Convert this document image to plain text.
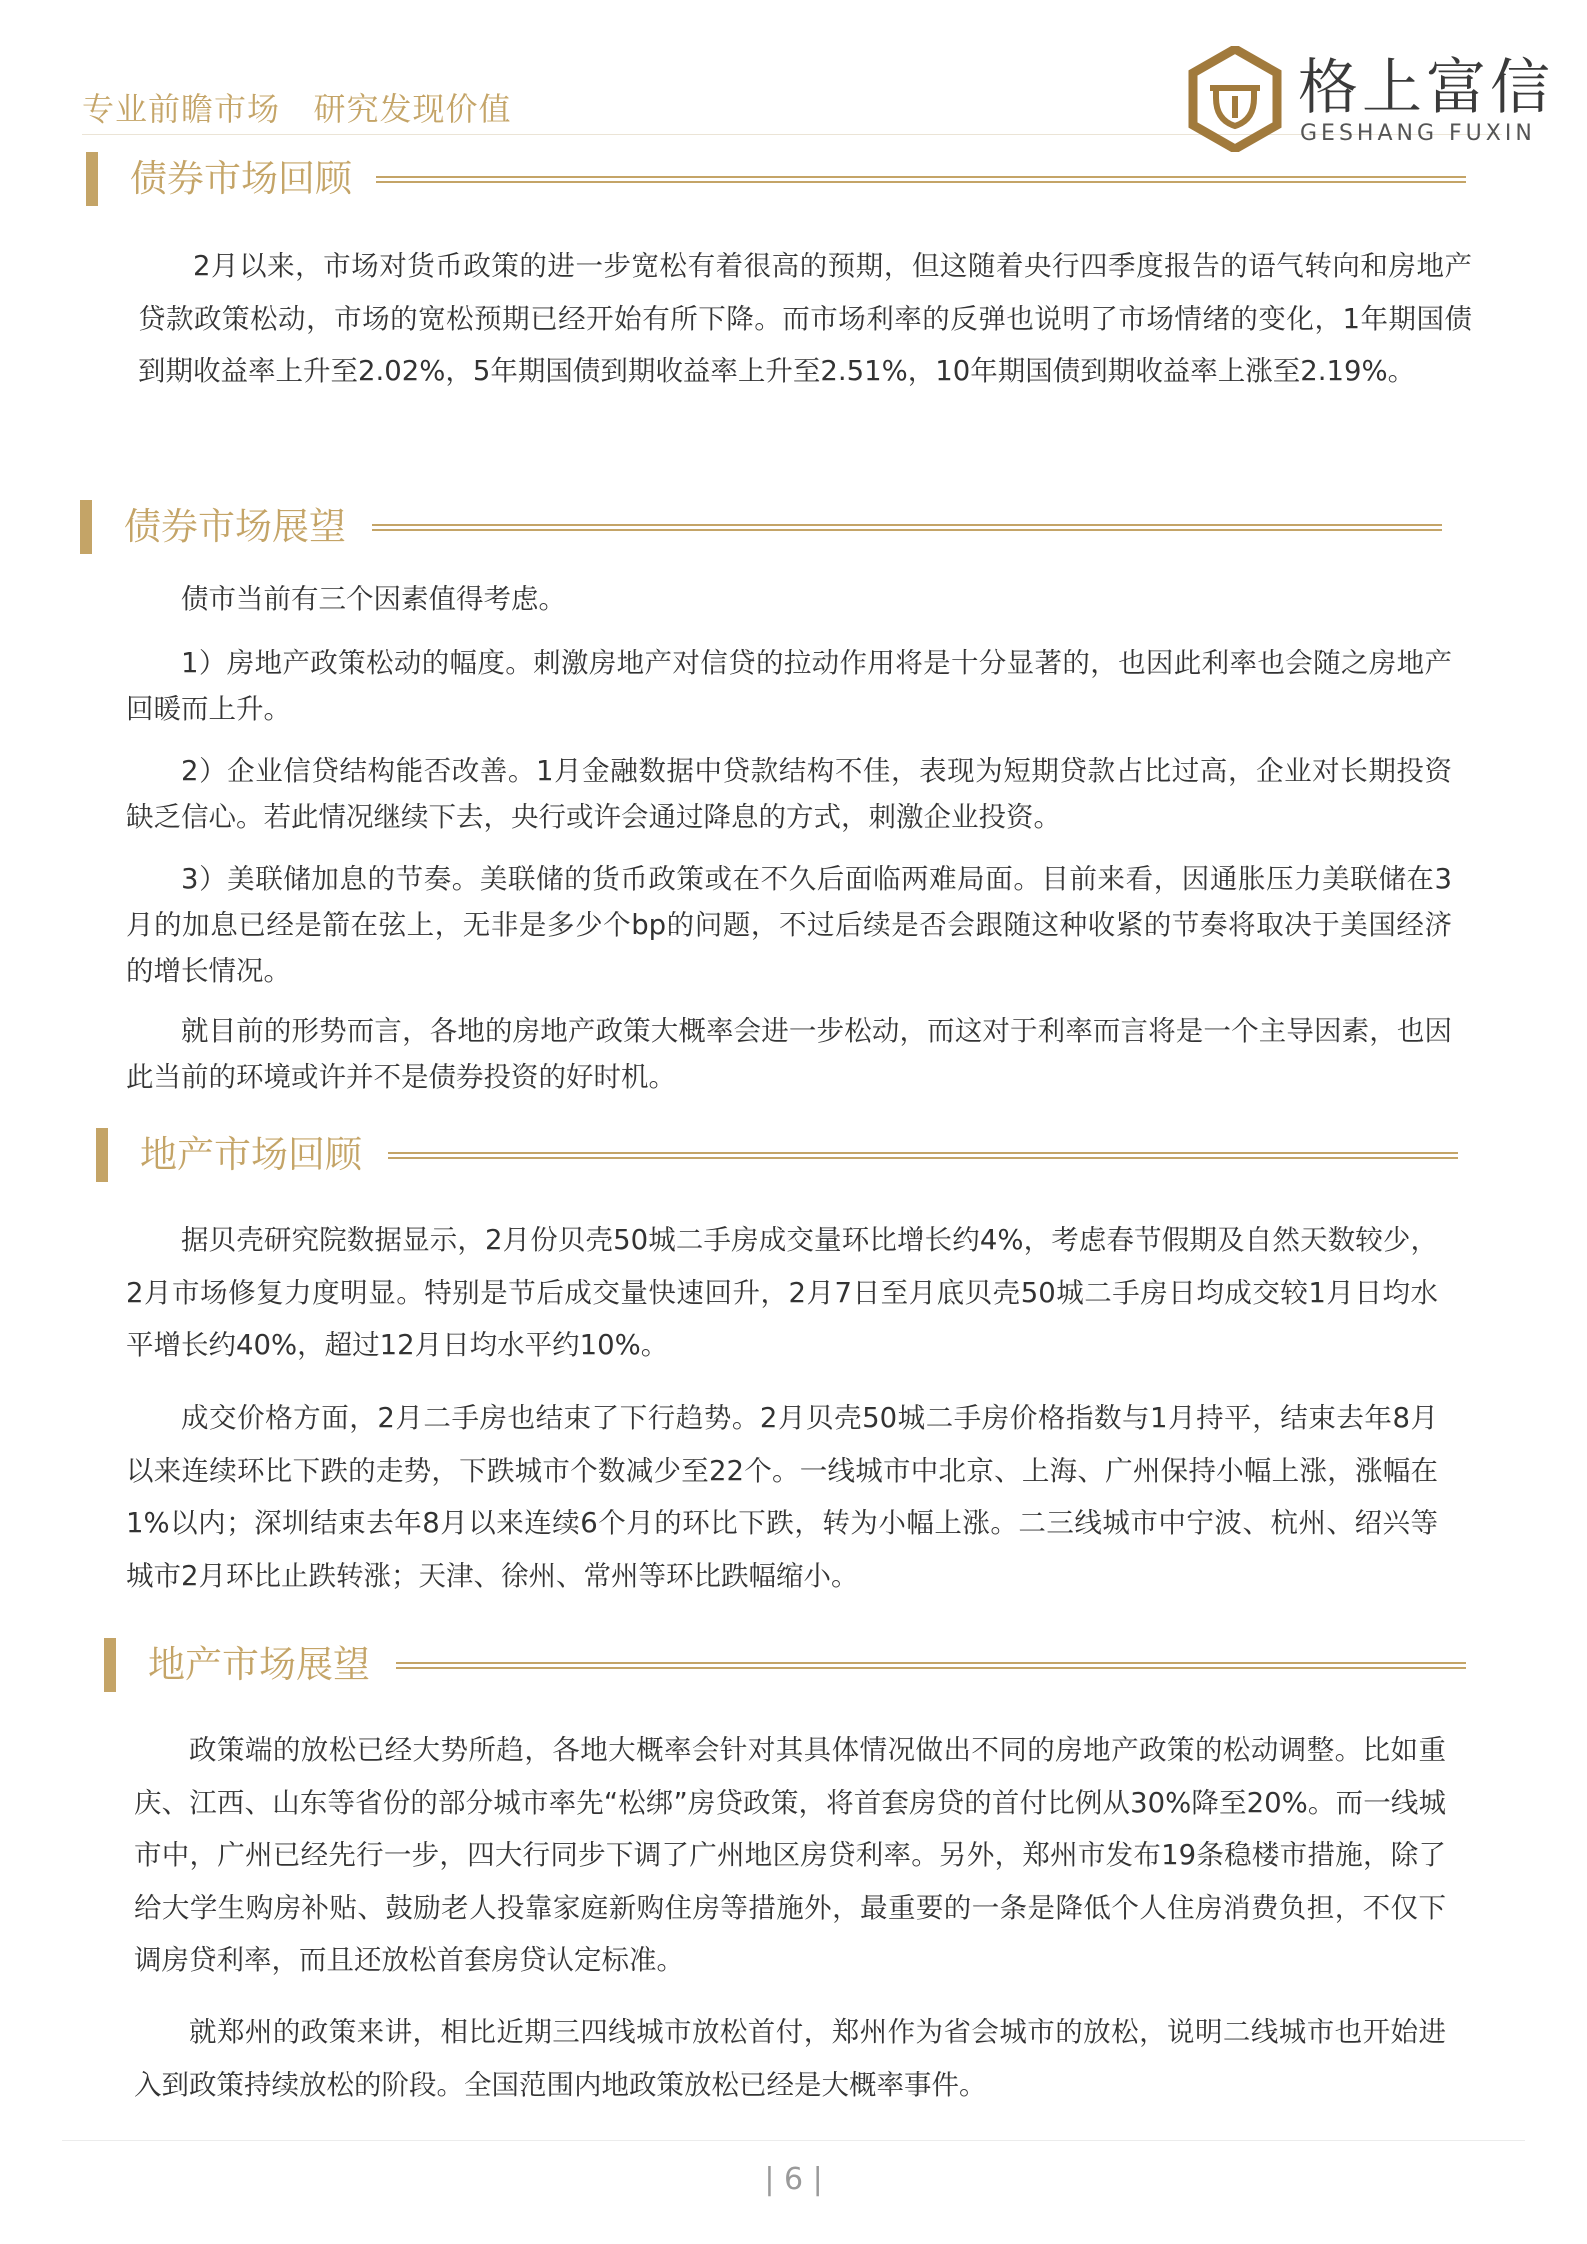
专业前瞻市场   研究发现价值	格上富信
GESHANG FUXIN
债券市场回顾

2月以来，市场对货币政策的进一步宽松有着很高的预期，但这随着央行四季度报告的语气转向和房地产贷款政策松动，市场的宽松预期已经开始有所下降。而市场利率的反弹也说明了市场情绪的变化，1年期国债到期收益率上升至2.02%，5年期国债到期收益率上升至2.51%，10年期国债到期收益率上涨至2.19%。

债券市场展望

债市当前有三个因素值得考虑。

1）房地产政策松动的幅度。刺激房地产对信贷的拉动作用将是十分显著的，也因此利率也会随之房地产回暖而上升。

2）企业信贷结构能否改善。1月金融数据中贷款结构不佳，表现为短期贷款占比过高，企业对长期投资缺乏信心。若此情况继续下去，央行或许会通过降息的方式，刺激企业投资。

3）美联储加息的节奏。美联储的货币政策或在不久后面临两难局面。目前来看，因通胀压力美联储在3月的加息已经是箭在弦上，无非是多少个bp的问题，不过后续是否会跟随这种收紧的节奏将取决于美国经济的增长情况。

就目前的形势而言，各地的房地产政策大概率会进一步松动，而这对于利率而言将是一个主导因素，也因此当前的环境或许并不是债券投资的好时机。

地产市场回顾

据贝壳研究院数据显示，2月份贝壳50城二手房成交量环比增长约4%，考虑春节假期及自然天数较少，2月市场修复力度明显。特别是节后成交量快速回升，2月7日至月底贝壳50城二手房日均成交较1月日均水平增长约40%，超过12月日均水平约10%。

成交价格方面，2月二手房也结束了下行趋势。2月贝壳50城二手房价格指数与1月持平，结束去年8月以来连续环比下跌的走势，下跌城市个数减少至22个。一线城市中北京、上海、广州保持小幅上涨，涨幅在1%以内；深圳结束去年8月以来连续6个月的环比下跌，转为小幅上涨。二三线城市中宁波、杭州、绍兴等城市2月环比止跌转涨；天津、徐州、常州等环比跌幅缩小。

地产市场展望

政策端的放松已经大势所趋，各地大概率会针对其具体情况做出不同的房地产政策的松动调整。比如重庆、江西、山东等省份的部分城市率先“松绑”房贷政策，将首套房贷的首付比例从30%降至20%。而一线城市中，广州已经先行一步，四大行同步下调了广州地区房贷利率。另外，郑州市发布19条稳楼市措施，除了给大学生购房补贴、鼓励老人投靠家庭新购住房等措施外，最重要的一条是降低个人住房消费负担，不仅下调房贷利率，而且还放松首套房贷认定标准。

就郑州的政策来讲，相比近期三四线城市放松首付，郑州作为省会城市的放松，说明二线城市也开始进入到政策持续放松的阶段。全国范围内地政策放松已经是大概率事件。

| 6 |
